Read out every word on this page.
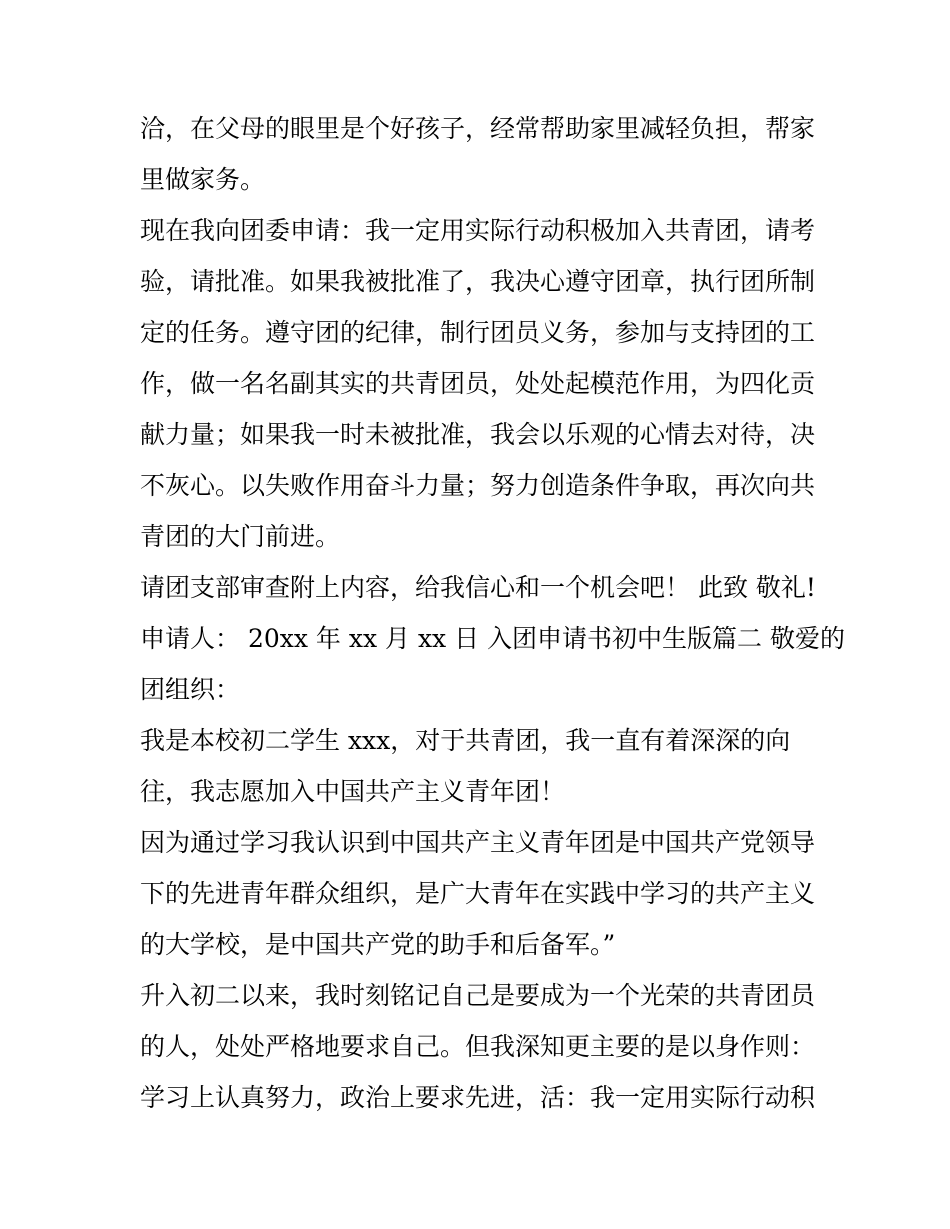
洽，在父母的眼里是个好孩子，经常帮助家里减轻负担，帮家
里做家务。
现在我向团委申请：我一定用实际行动积极加入共青团，请考
验，请批准。如果我被批准了，我决心遵守团章，执行团所制
定的任务。遵守团的纪律，制行团员义务，参加与支持团的工
作，做一名名副其实的共青团员，处处起模范作用，为四化贡
献力量；如果我一时未被批准，我会以乐观的心情去对待，决
不灰心。以失败作用奋斗力量；努力创造条件争取，再次向共
青团的大门前进。
请团支部审查附上内容，给我信心和一个机会吧！ 此致 敬礼!
申请人： 20xx 年 xx 月 xx 日 入团申请书初中生版篇二 敬爱的
团组织：
我是本校初二学生 xxx，对于共青团，我一直有着深深的向
往，我志愿加入中国共产主义青年团！
因为通过学习我认识到中国共产主义青年团是中国共产党领导
下的先进青年群众组织，是广大青年在实践中学习的共产主义
的大学校，是中国共产党的助手和后备军。”
升入初二以来，我时刻铭记自己是要成为一个光荣的共青团员
的人，处处严格地要求自己。但我深知更主要的是以身作则：
学习上认真努力，政治上要求先进，活：我一定用实际行动积
